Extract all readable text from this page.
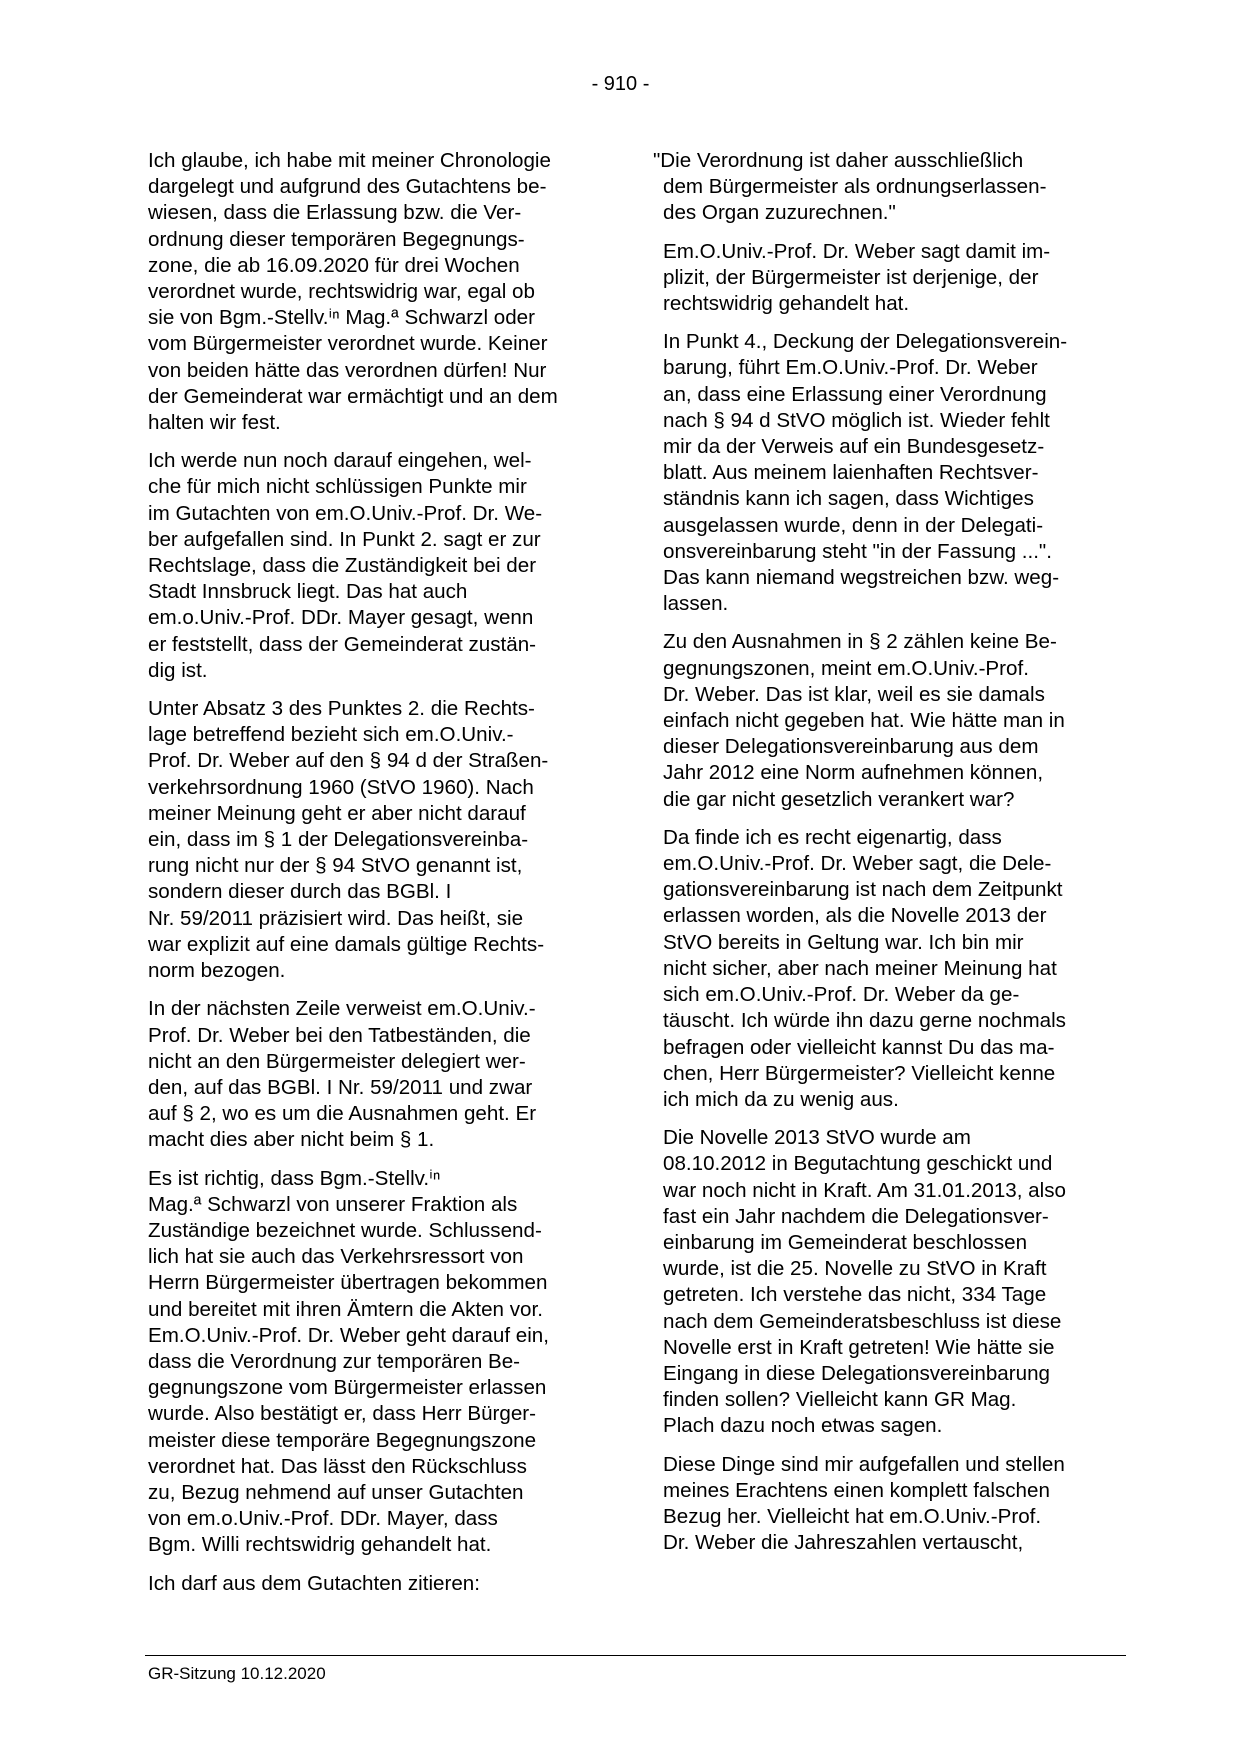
- 910 -

Ich glaube, ich habe mit meiner Chronologie
dargelegt und aufgrund des Gutachtens be-
wiesen, dass die Erlassung bzw. die Ver-
ordnung dieser temporären Begegnungs-
zone, die ab 16.09.2020 für drei Wochen
verordnet wurde, rechtswidrig war, egal ob
sie von Bgm.-Stellv.ⁱⁿ Mag.ª Schwarzl oder
vom Bürgermeister verordnet wurde. Keiner
von beiden hätte das verordnen dürfen! Nur
der Gemeinderat war ermächtigt und an dem
halten wir fest.

Ich werde nun noch darauf eingehen, wel-
che für mich nicht schlüssigen Punkte mir
im Gutachten von em.O.Univ.-Prof. Dr. We-
ber aufgefallen sind. In Punkt 2. sagt er zur
Rechtslage, dass die Zuständigkeit bei der
Stadt Innsbruck liegt. Das hat auch
em.o.Univ.-Prof. DDr. Mayer gesagt, wenn
er feststellt, dass der Gemeinderat zustän-
dig ist.

Unter Absatz 3 des Punktes 2. die Rechts-
lage betreffend bezieht sich em.O.Univ.-
Prof. Dr. Weber auf den § 94 d der Straßen-
verkehrsordnung 1960 (StVO 1960). Nach
meiner Meinung geht er aber nicht darauf
ein, dass im § 1 der Delegationsvereinba-
rung nicht nur der § 94 StVO genannt ist,
sondern dieser durch das BGBl. I
Nr. 59/2011 präzisiert wird. Das heißt, sie
war explizit auf eine damals gültige Rechts-
norm bezogen.

In der nächsten Zeile verweist em.O.Univ.-
Prof. Dr. Weber bei den Tatbeständen, die
nicht an den Bürgermeister delegiert wer-
den, auf das BGBl. I Nr. 59/2011 und zwar
auf § 2, wo es um die Ausnahmen geht. Er
macht dies aber nicht beim § 1.

Es ist richtig, dass Bgm.-Stellv.ⁱⁿ
Mag.ª Schwarzl von unserer Fraktion als
Zuständige bezeichnet wurde. Schlussend-
lich hat sie auch das Verkehrsressort von
Herrn Bürgermeister übertragen bekommen
und bereitet mit ihren Ämtern die Akten vor.
Em.O.Univ.-Prof. Dr. Weber geht darauf ein,
dass die Verordnung zur temporären Be-
gegnungszone vom Bürgermeister erlassen
wurde. Also bestätigt er, dass Herr Bürger-
meister diese temporäre Begegnungszone
verordnet hat. Das lässt den Rückschluss
zu, Bezug nehmend auf unser Gutachten
von em.o.Univ.-Prof. DDr. Mayer, dass
Bgm. Willi rechtswidrig gehandelt hat.

Ich darf aus dem Gutachten zitieren:

"Die Verordnung ist daher ausschließlich
dem Bürgermeister als ordnungserlassen-
des Organ zuzurechnen."

Em.O.Univ.-Prof. Dr. Weber sagt damit im-
plizit, der Bürgermeister ist derjenige, der
rechtswidrig gehandelt hat.

In Punkt 4., Deckung der Delegationsverein-
barung, führt Em.O.Univ.-Prof. Dr. Weber
an, dass eine Erlassung einer Verordnung
nach § 94 d StVO möglich ist. Wieder fehlt
mir da der Verweis auf ein Bundesgesetz-
blatt. Aus meinem laienhaften Rechtsver-
ständnis kann ich sagen, dass Wichtiges
ausgelassen wurde, denn in der Delegati-
onsvereinbarung steht "in der Fassung ...".
Das kann niemand wegstreichen bzw. weg-
lassen.

Zu den Ausnahmen in § 2 zählen keine Be-
gegnungszonen, meint em.O.Univ.-Prof.
Dr. Weber. Das ist klar, weil es sie damals
einfach nicht gegeben hat. Wie hätte man in
dieser Delegationsvereinbarung aus dem
Jahr 2012 eine Norm aufnehmen können,
die gar nicht gesetzlich verankert war?

Da finde ich es recht eigenartig, dass
em.O.Univ.-Prof. Dr. Weber sagt, die Dele-
gationsvereinbarung ist nach dem Zeitpunkt
erlassen worden, als die Novelle 2013 der
StVO bereits in Geltung war. Ich bin mir
nicht sicher, aber nach meiner Meinung hat
sich em.O.Univ.-Prof. Dr. Weber da ge-
täuscht. Ich würde ihn dazu gerne nochmals
befragen oder vielleicht kannst Du das ma-
chen, Herr Bürgermeister? Vielleicht kenne
ich mich da zu wenig aus.

Die Novelle 2013 StVO wurde am
08.10.2012 in Begutachtung geschickt und
war noch nicht in Kraft. Am 31.01.2013, also
fast ein Jahr nachdem die Delegationsver-
einbarung im Gemeinderat beschlossen
wurde, ist die 25. Novelle zu StVO in Kraft
getreten. Ich verstehe das nicht, 334 Tage
nach dem Gemeinderatsbeschluss ist diese
Novelle erst in Kraft getreten! Wie hätte sie
Eingang in diese Delegationsvereinbarung
finden sollen? Vielleicht kann GR Mag.
Plach dazu noch etwas sagen.

Diese Dinge sind mir aufgefallen und stellen
meines Erachtens einen komplett falschen
Bezug her. Vielleicht hat em.O.Univ.-Prof.
Dr. Weber die Jahreszahlen vertauscht,

GR-Sitzung 10.12.2020
